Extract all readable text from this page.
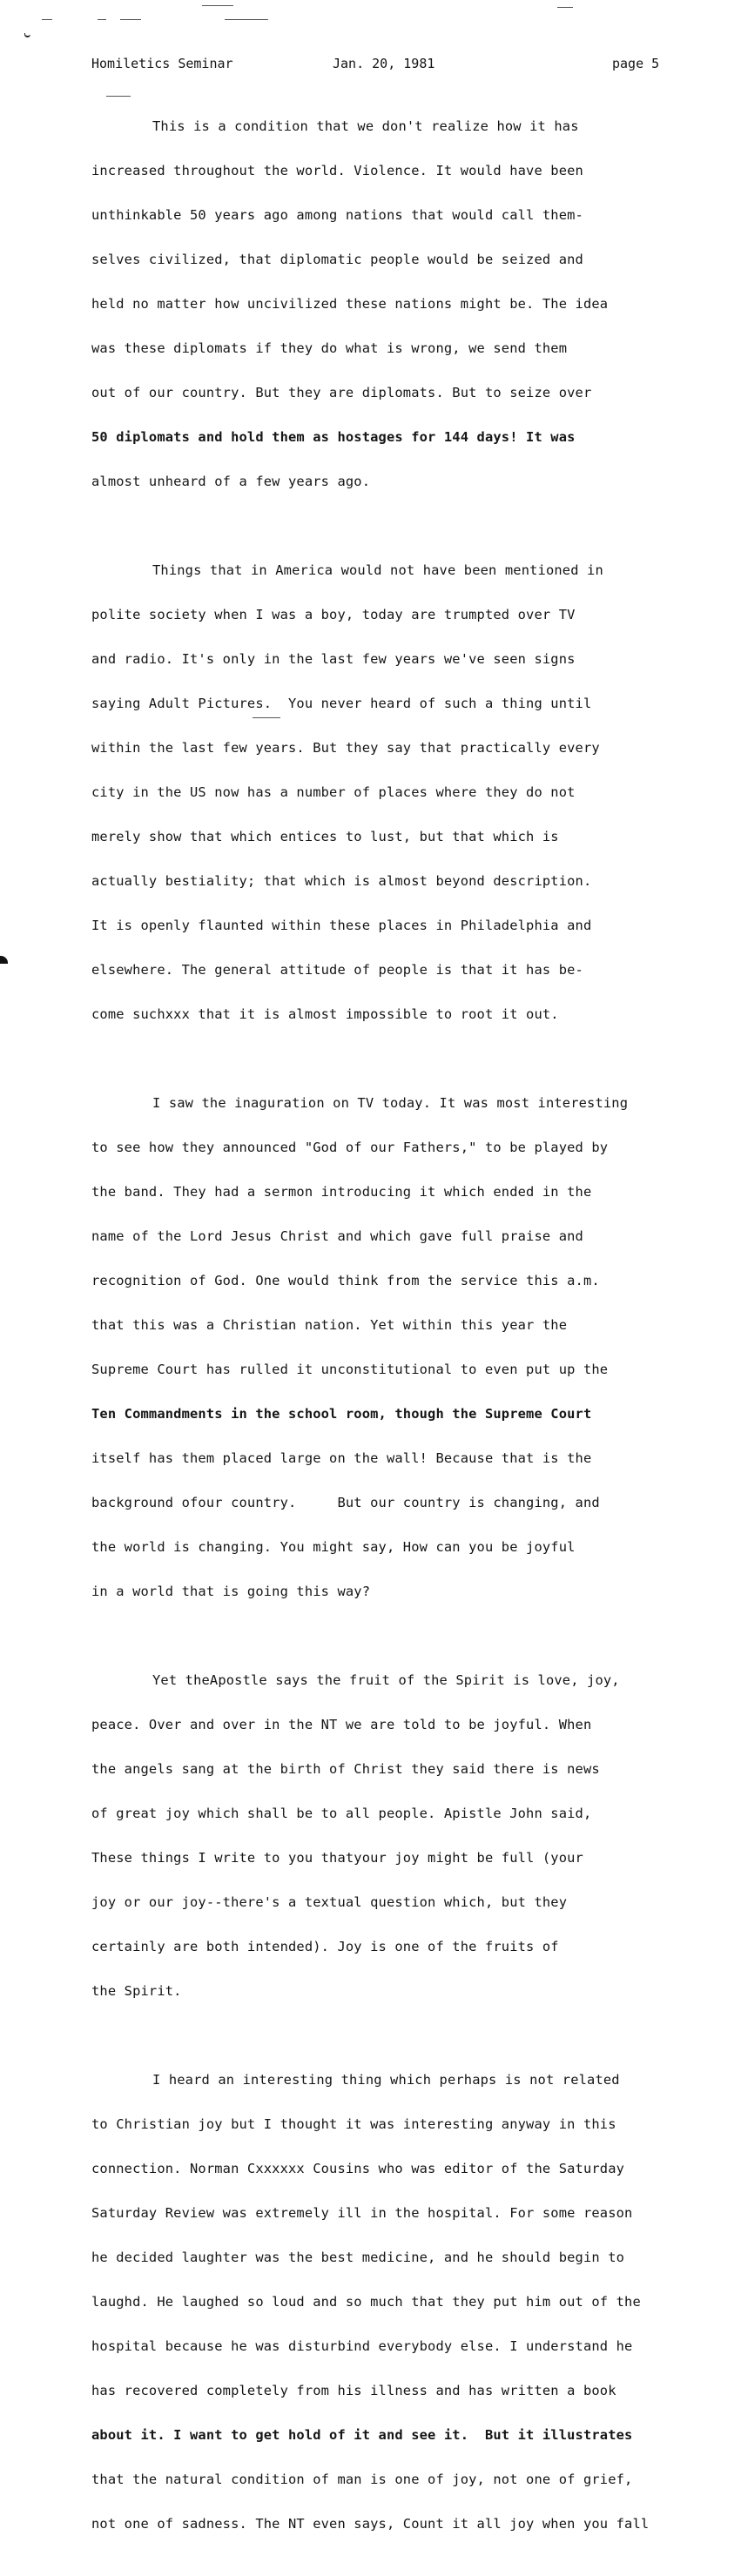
Homiletics Seminar	Jan. 20, 1981	page 5

This is a condition that we don't realize how it has

increased throughout the world. Violence. It would have been

unthinkable 50 years ago among nations that would call them-

selves civilized, that diplomatic people would be seized and

held no matter how uncivilized these nations might be. The idea

was these diplomats if they do what is wrong, we send them

out of our country. But they are diplomats. But to seize over

50 diplomats and hold them as hostages for 144 days! It was

almost unheard of a few years ago.

Things that in America would not have been mentioned in

polite society when I was a boy, today are trumpted over TV

and radio. It's only in the last few years we've seen signs

saying Adult Pictures.  You never heard of such a thing until

within the last few years. But they say that practically every

city in the US now has a number of places where they do not

merely show that which entices to lust, but that which is

actually bestiality; that which is almost beyond description.

It is openly flaunted within these places in Philadelphia and

elsewhere. The general attitude of people is that it has be-

come suchxxx that it is almost impossible to root it out.

I saw the inaguration on TV today. It was most interesting

to see how they announced "God of our Fathers," to be played by

the band. They had a sermon introducing it which ended in the

name of the Lord Jesus Christ and which gave full praise and

recognition of God. One would think from the service this a.m.

that this was a Christian nation. Yet within this year the

Supreme Court has rulled it unconstitutional to even put up the

Ten Commandments in the school room, though the Supreme Court

itself has them placed large on the wall! Because that is the

background ofour country.     But our country is changing, and

the world is changing. You might say, How can you be joyful

in a world that is going this way?

Yet theApostle says the fruit of the Spirit is love, joy,

peace. Over and over in the NT we are told to be joyful. When

the angels sang at the birth of Christ they said there is news

of great joy which shall be to all people. Apistle John said,

These things I write to you thatyour joy might be full (your

joy or our joy--there's a textual question which, but they

certainly are both intended). Joy is one of the fruits of

the Spirit.

I heard an interesting thing which perhaps is not related

to Christian joy but I thought it was interesting anyway in this

connection. Norman Cxxxxxx Cousins who was editor of the Saturday

Saturday Review was extremely ill in the hospital. For some reason

he decided laughter was the best medicine, and he should begin to

laughd. He laughed so loud and so much that they put him out of the

hospital because he was disturbind everybody else. I understand he

has recovered completely from his illness and has written a book

about it. I want to get hold of it and see it.  But it illustrates

that the natural condition of man is one of joy, not one of grief,

not one of sadness. The NT even says, Count it all joy when you fall
